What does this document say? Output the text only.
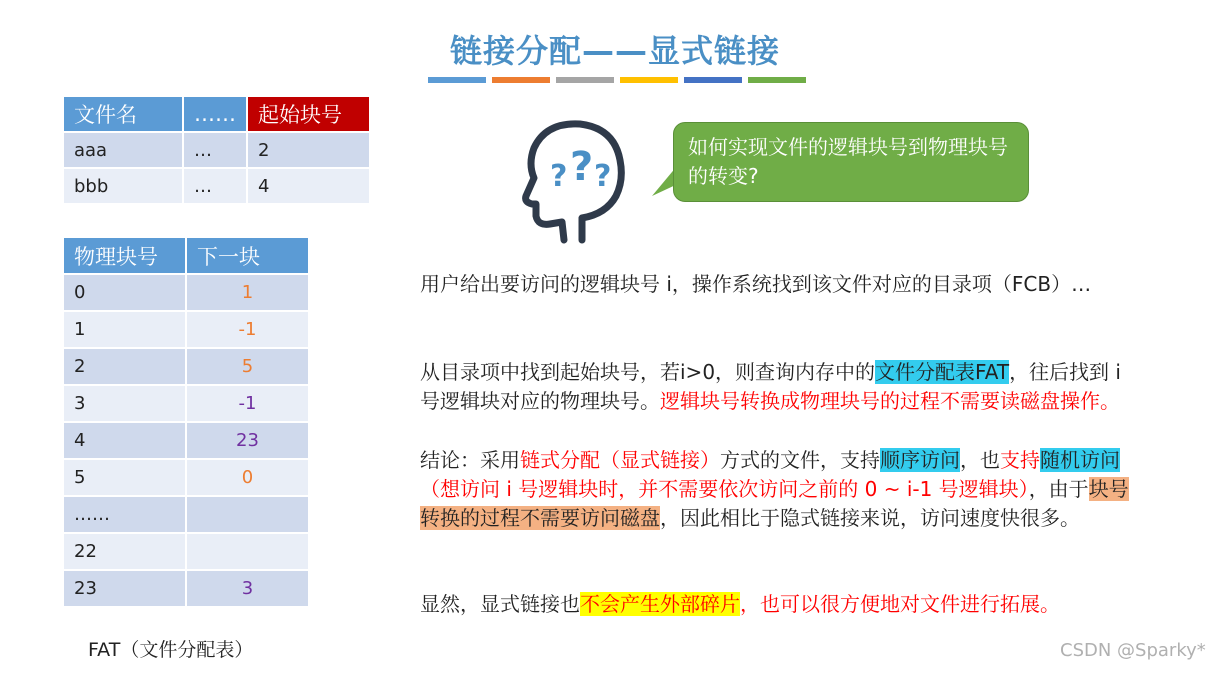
链接分配——显式链接
文件名	……	起始块号
aaa	…	2
bbb	…	4
物理块号	下一块
0	1
1	-1
2	5
3	-1
4	23
5	0
……	
22	
23	3
FAT（文件分配表）
? ? ?
如何实现文件的逻辑块号到物理块号的转变?
用户给出要访问的逻辑块号 i，操作系统找到该文件对应的目录项（FCB）…
从目录项中找到起始块号，若i>0，则查询内存中的文件分配表FAT，往后找到 i 号逻辑块对应的物理块号。逻辑块号转换成物理块号的过程不需要读磁盘操作。
结论：采用链式分配（显式链接）方式的文件，支持顺序访问，也支持随机访问（想访问 i 号逻辑块时，并不需要依次访问之前的 0 ~ i-1 号逻辑块），由于块号转换的过程不需要访问磁盘，因此相比于隐式链接来说，访问速度快很多。
显然，显式链接也不会产生外部碎片，也可以很方便地对文件进行拓展。
CSDN @Sparky*
